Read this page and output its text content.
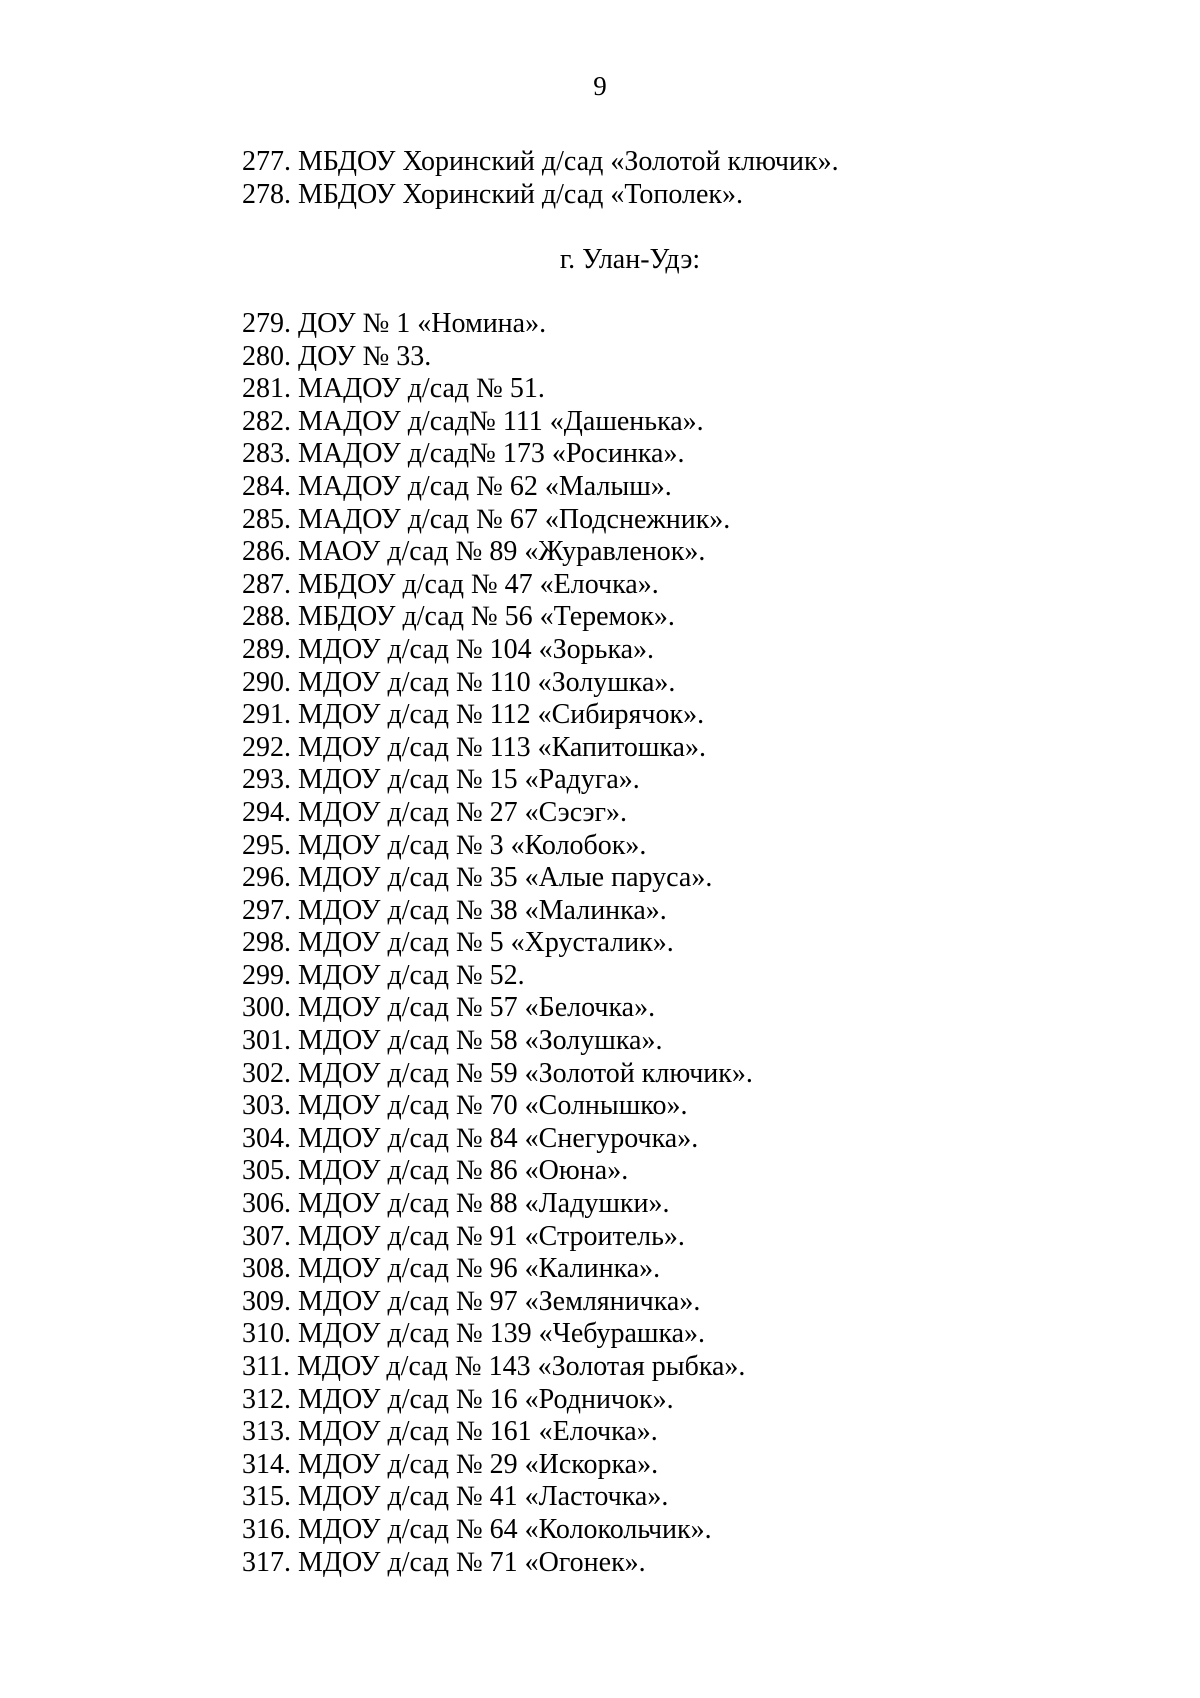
9
277. МБДОУ Хоринский д/сад «Золотой ключик».
278. МБДОУ Хоринский д/сад «Тополек».
г. Улан-Удэ:
279. ДОУ № 1 «Номина».
280. ДОУ № 33.
281. МАДОУ д/сад № 51.
282. МАДОУ д/сад№ 111 «Дашенька».
283. МАДОУ д/сад№ 173 «Росинка».
284. МАДОУ д/сад № 62 «Малыш».
285. МАДОУ д/сад № 67 «Подснежник».
286. МАОУ д/сад № 89 «Журавленок».
287. МБДОУ д/сад № 47 «Елочка».
288. МБДОУ д/сад № 56 «Теремок».
289. МДОУ д/сад № 104 «Зорька».
290. МДОУ д/сад № 110 «Золушка».
291. МДОУ д/сад № 112 «Сибирячок».
292. МДОУ д/сад № 113 «Капитошка».
293. МДОУ д/сад № 15 «Радуга».
294. МДОУ д/сад № 27 «Сэсэг».
295. МДОУ д/сад № 3 «Колобок».
296. МДОУ д/сад № 35 «Алые паруса».
297. МДОУ д/сад № 38 «Малинка».
298. МДОУ д/сад № 5 «Хрусталик».
299. МДОУ д/сад № 52.
300. МДОУ д/сад № 57 «Белочка».
301. МДОУ д/сад № 58 «Золушка».
302. МДОУ д/сад № 59 «Золотой ключик».
303. МДОУ д/сад № 70 «Солнышко».
304. МДОУ д/сад № 84 «Снегурочка».
305. МДОУ д/сад № 86 «Оюна».
306. МДОУ д/сад № 88 «Ладушки».
307. МДОУ д/сад № 91 «Строитель».
308. МДОУ д/сад № 96 «Калинка».
309. МДОУ д/сад № 97 «Земляничка».
310. МДОУ д/сад № 139 «Чебурашка».
311. МДОУ д/сад № 143 «Золотая рыбка».
312. МДОУ д/сад № 16 «Родничок».
313. МДОУ д/сад № 161 «Елочка».
314. МДОУ д/сад № 29 «Искорка».
315. МДОУ д/сад № 41 «Ласточка».
316. МДОУ д/сад № 64 «Колокольчик».
317. МДОУ д/сад № 71 «Огонек».
